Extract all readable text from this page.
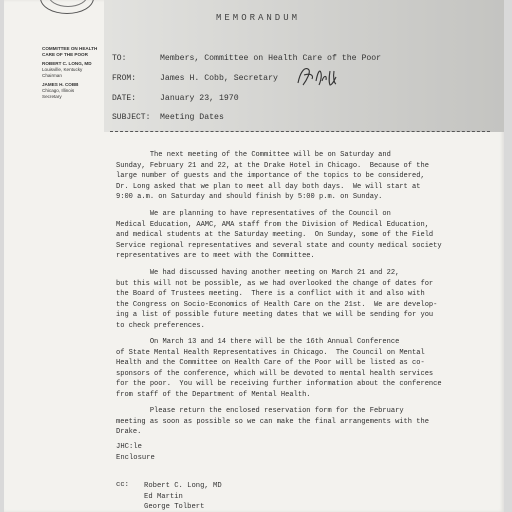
COMMITTEE ON HEALTH
CARE OF THE POOR
ROBERT C. LONG, MD
Louisville, Kentucky
Chairman
JAMES H. COBB
Chicago, Illinois
Secretary
MEMORANDUM
TO:	Members, Committee on Health Care of the Poor
FROM:	James H. Cobb, Secretary
DATE:	January 23, 1970
SUBJECT: Meeting Dates

The next meeting of the Committee will be on Saturday and
Sunday, February 21 and 22, at the Drake Hotel in Chicago.  Because of the
large number of guests and the importance of the topics to be considered,
Dr. Long asked that we plan to meet all day both days.  We will start at
9:00 a.m. on Saturday and should finish by 5:00 p.m. on Sunday.

We are planning to have representatives of the Council on
Medical Education, AAMC, AMA staff from the Division of Medical Education,
and medical students at the Saturday meeting.  On Sunday, some of the Field
Service regional representatives and several state and county medical society
representatives are to meet with the Committee.

We had discussed having another meeting on March 21 and 22,
but this will not be possible, as we had overlooked the change of dates for
the Board of Trustees meeting.  There is a conflict with it and also with
the Congress on Socio-Economics of Health Care on the 21st.  We are develop-
ing a list of possible future meeting dates that we will be sending for you
to check preferences.

On March 13 and 14 there will be the 16th Annual Conference
of State Mental Health Representatives in Chicago.  The Council on Mental
Health and the Committee on Health Care of the Poor will be listed as co-
sponsors of the conference, which will be devoted to mental health services
for the poor.  You will be receiving further information about the conference
from staff of the Department of Mental Health.

Please return the enclosed reservation form for the February
meeting as soon as possible so we can make the final arrangements with the
Drake.

JHC:le
Enclosure
cc: Robert C. Long, MD
Ed Martin
George Tolbert
